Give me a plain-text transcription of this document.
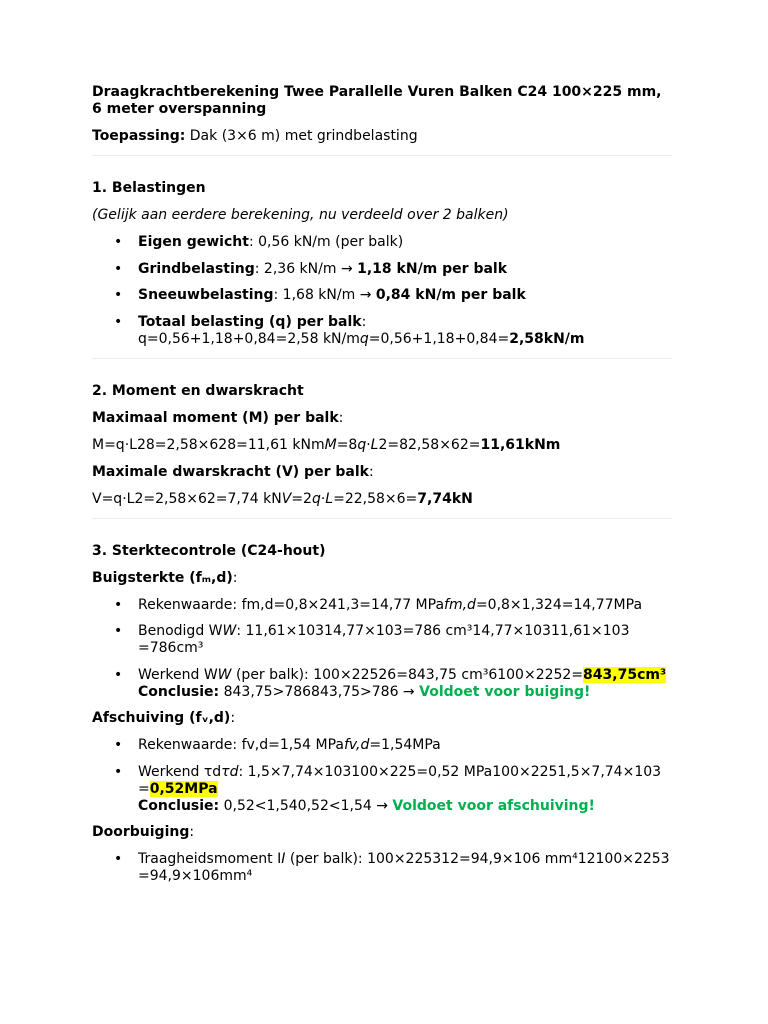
Draagkrachtberekening Twee Parallelle Vuren Balken C24 100×225 mm, 6 meter overspanning

Toepassing: Dak (3×6 m) met grindbelasting

1. Belastingen

(Gelijk aan eerdere berekening, nu verdeeld over 2 balken)

• Eigen gewicht: 0,56 kN/m (per balk)
• Grindbelasting: 2,36 kN/m → 1,18 kN/m per balk
• Sneeuwbelasting: 1,68 kN/m → 0,84 kN/m per balk
• Totaal belasting (q) per balk:
q=0,56+1,18+0,84=2,58 kN/mq=0,56+1,18+0,84=2,58kN/m

2. Moment en dwarskracht

Maximaal moment (M) per balk:

M=q·L28=2,58×628=11,61 kNmM=8q·L2=82,58×62=11,61kNm

Maximale dwarskracht (V) per balk:

V=q·L2=2,58×62=7,74 kNV=2q·L=22,58×6=7,74kN

3. Sterktecontrole (C24-hout)

Buigsterkte (fₘ,d):

• Rekenwaarde: fm,d=0,8×241,3=14,77 MPafm,d=0,8×1,324=14,77MPa
• Benodigd WW: 11,61×10314,77×103=786 cm³14,77×10311,61×103
=786cm³
• Werkend WW (per balk): 100×22526=843,75 cm³6100×2252=843,75cm³
Conclusie: 843,75>786843,75>786 → Voldoet voor buiging!

Afschuiving (fᵥ,d):

• Rekenwaarde: fv,d=1,54 MPafv,d=1,54MPa
• Werkend τdτd: 1,5×7,74×103100×225=0,52 MPa100×2251,5×7,74×103
=0,52MPa
Conclusie: 0,52<1,540,52<1,54 → Voldoet voor afschuiving!

Doorbuiging:

• Traagheidsmoment II (per balk): 100×225312=94,9×106 mm⁴12100×2253
=94,9×106mm⁴
